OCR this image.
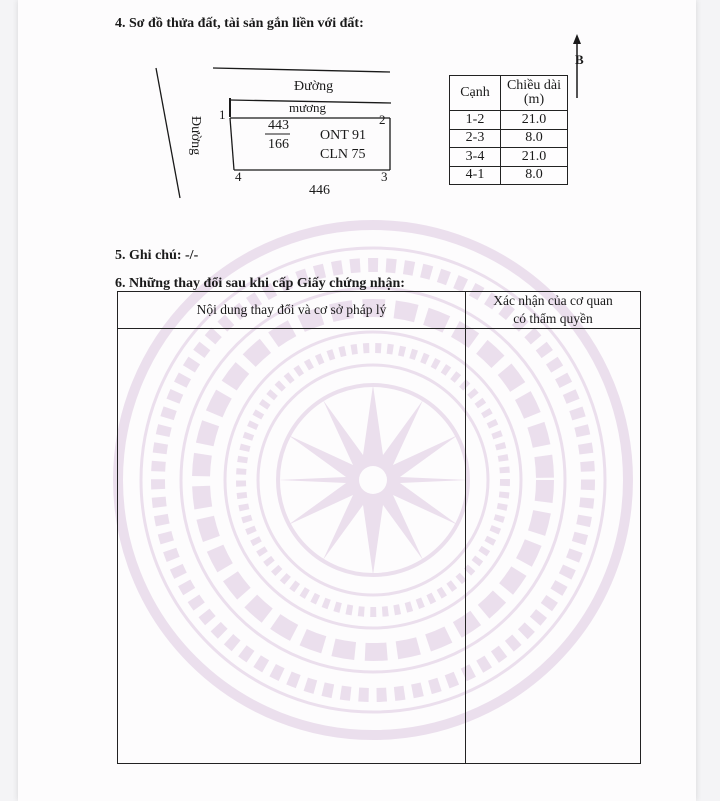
4. Sơ đồ thửa đất, tài sản gắn liền với đất:
Đường
mương
Đường	443
166
ONT 91
CLN 75
446
1	2
3
4
B
Cạnh	Chiều dài (m)
1-2	21.0
2-3	8.0
3-4	21.0
4-1	8.0
5. Ghi chú: -/-
6. Những thay đổi sau khi cấp Giấy chứng nhận:
Nội dung thay đổi và cơ sở pháp lý
Xác nhận của cơ quan
có thẩm quyền
